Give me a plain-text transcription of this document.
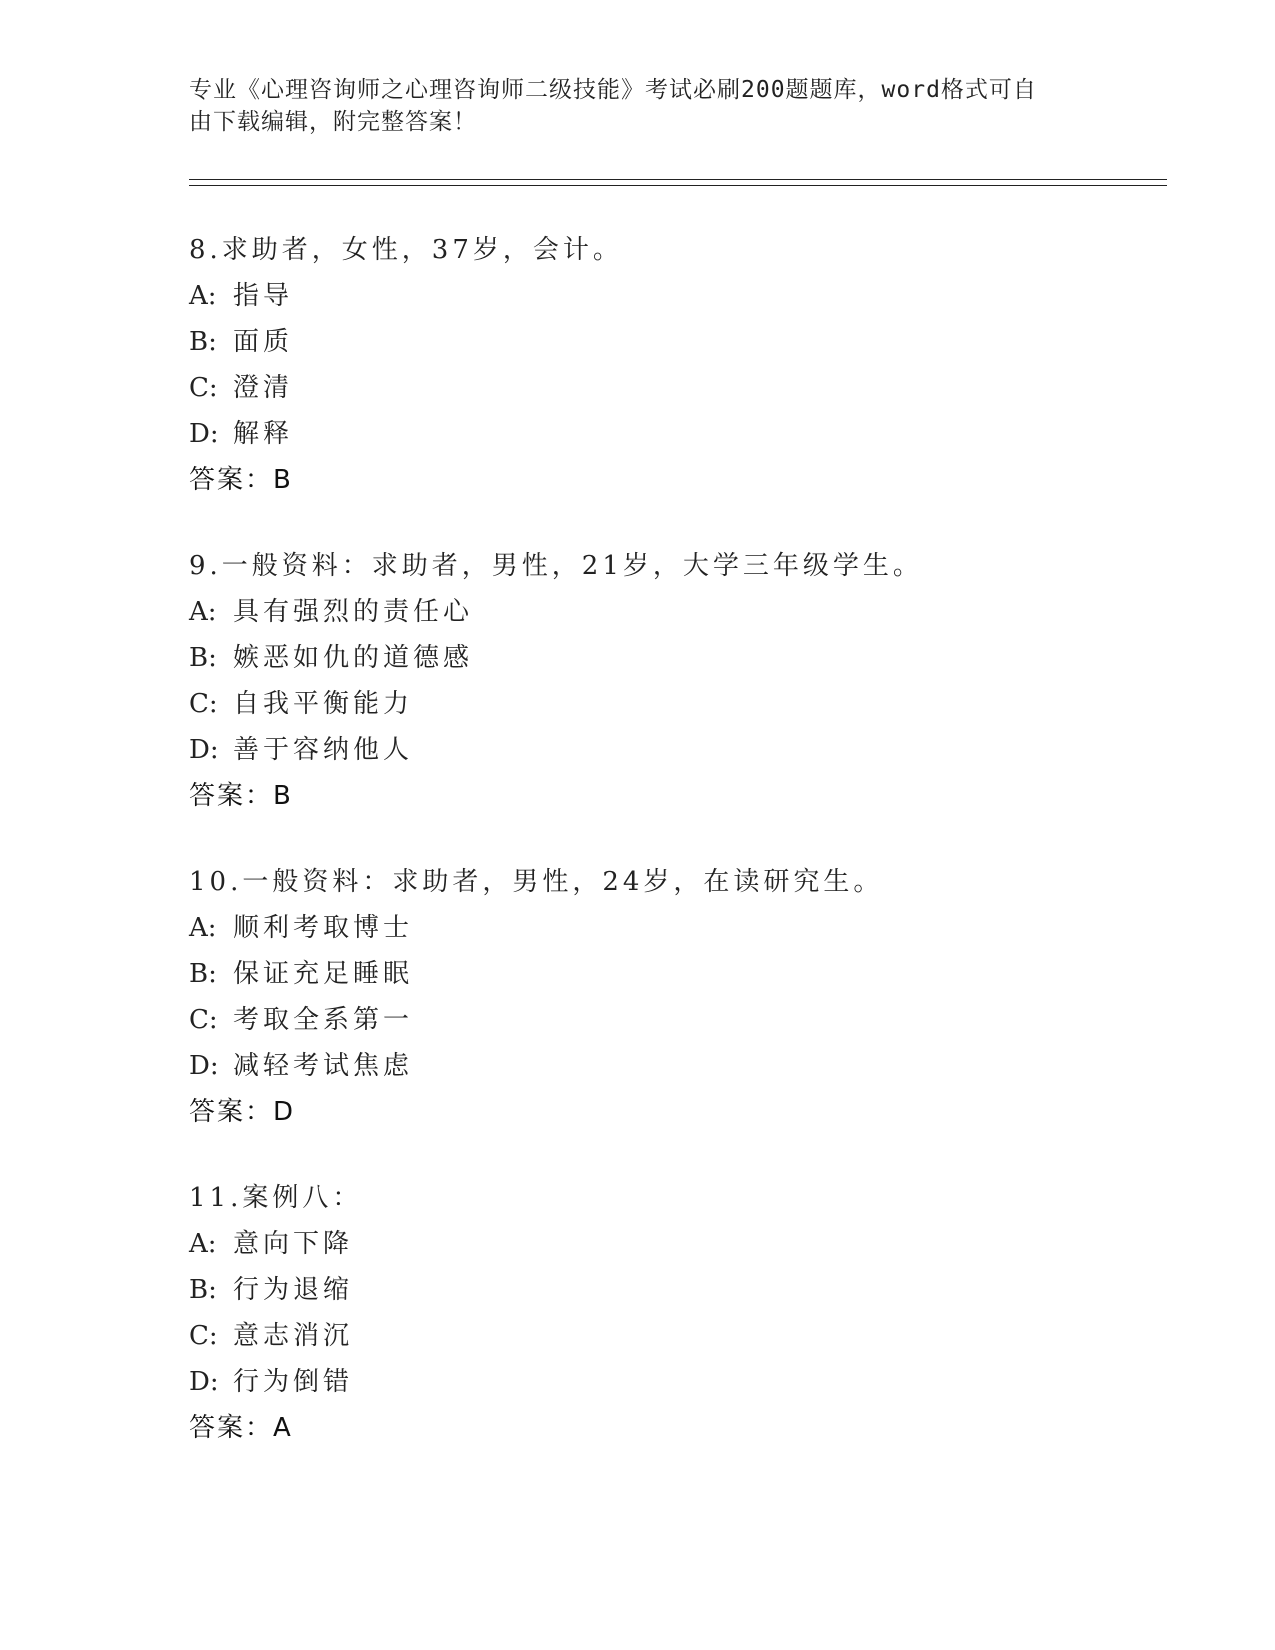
专业《心理咨询师之心理咨询师二级技能》考试必刷200题题库，word格式可自
由下载编辑，附完整答案！
8.求助者，女性，37岁，会计。
A: 指导
B: 面质
C: 澄清
D: 解释
答案：B
9.一般资料：求助者，男性，21岁，大学三年级学生。
A: 具有强烈的责任心
B: 嫉恶如仇的道德感
C: 自我平衡能力
D: 善于容纳他人
答案：B
10.一般资料：求助者，男性，24岁，在读研究生。
A: 顺利考取博士
B: 保证充足睡眠
C: 考取全系第一
D: 减轻考试焦虑
答案：D
11.案例八：
A: 意向下降
B: 行为退缩
C: 意志消沉
D: 行为倒错
答案：A
